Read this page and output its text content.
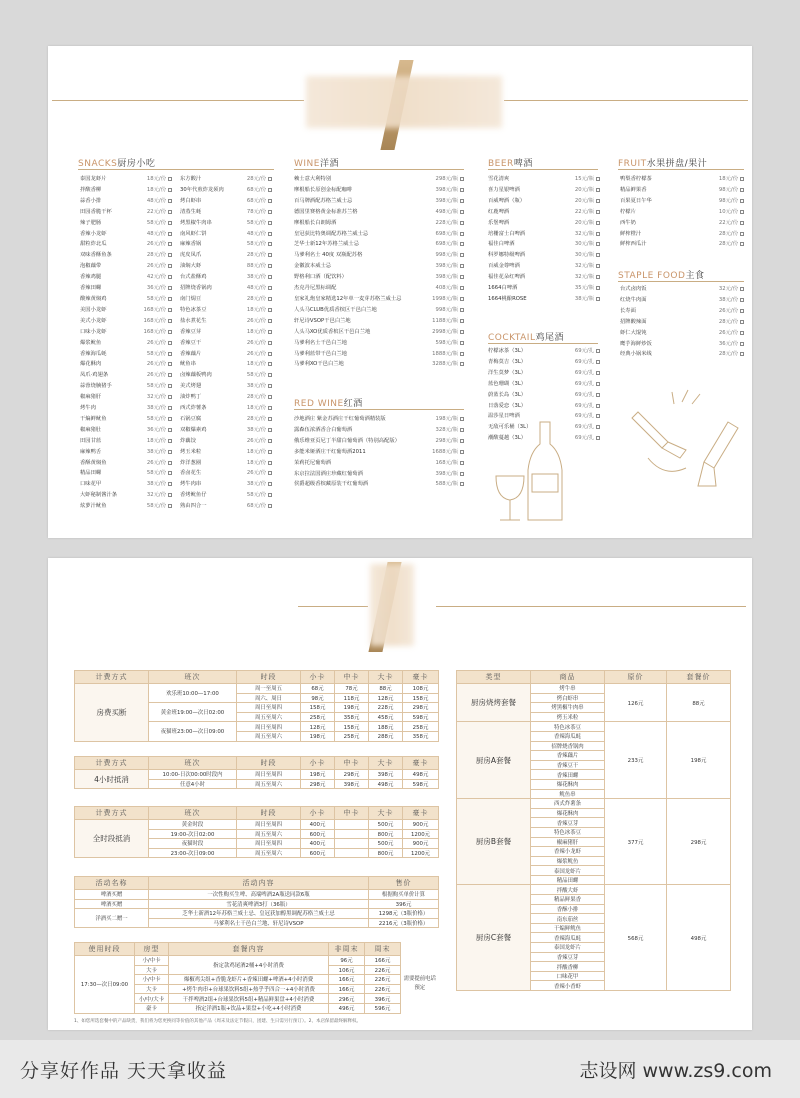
SNACKS厨房小吃
泰国龙虾片	18元/份
拌酸香柳	18元/份
蒜香小排	48元/份
田园香脆干杯	22元/份
辣子肥肠	58元/份
香辣小龙虾	48元/份
甜粒炸北瓜	26元/份
双味香酥鱼条	28元/份
泡椒藕带	26元/份
香辣鸡腿	42元/份
香辣田螺	36元/份
酸辣黄焖鸡	58元/份
美国小龙虾	168元/份
美式小龙虾	168元/份
口味小龙虾	168元/份
爆浆鱿鱼	26元/份
香辣海瓜蚝	58元/份
爆花酥肉	26元/份
凤爪·鸡翅条	26元/份
蒜蓉烧腩猪手	58元/份
椒麻猪肝	32元/份
烤牛肉	38元/份
干煸鲜鱿鱼	58元/份
椒麻猪肚	36元/份
田园甘蓝	18元/份
麻辣鸭舌	38元/份
香酥黄焖鱼	26元/份
精品田螺	58元/份
口味花甲	38元/份
大虾秘制酱汁条	32元/份
炫萝汁鱿鱼	58元/份
东方酸汁	28元/份
30年代煎炸龙须肉	68元/份
烤白虾串	68元/份
清蒸生蚝	78元/份
烤黑椒牛肉串	58元/份
南风虾仁饼	48元/份
麻辣香锅	58元/份
虎皮凤爪	28元/份
油焖大虾	88元/份
台式盐酥鸡	38元/份
招牌烧香锅肉	48元/份
南门焗豆	28元/份
特色冰茶豆	18元/份
盐水煮花生	26元/份
香辣豆芽	18元/份
香辣豆干	26元/份
香辣藕片	26元/份
鱿鱼串	18元/份
卤辣藕板鸭肉	58元/份
美式烤翅	38元/份
油炸鸭丁	28元/份
西式炸薯条	18元/份
石锅豆腐	28元/份
双椒爆素鸡	38元/份
炸藕饺	26元/份
烤玉米粒	18元/份
炸洋葱圈	18元/份
香卤花生	26元/份
烤牛肉串	38元/份
香烤鱿鱼仔	58元/份
熟由四合一	68元/份
WINE洋酒
赖士意大利特别	298元/瓶
摩根船长原创金标配咖啡	398元/瓶
百马牌酒配苏格兰威士忌	398元/瓶
德国里赛格黄金标准苏兰格	498元/瓶
摩根船长白朗姆酒	228元/瓶
皇冠获比特奥调配苏格兰威士忌	698元/瓶
芝华士新12年苏格兰威士忌	698元/瓶
马爹利名士 40度 双瓶配苏格	998元/瓶
金徽波本威士忌	398元/瓶
野格利口酒（配饮料）	398元/瓶
杰克丹尼黑标调配	408元/瓶
皇家礼炮皇家精选12年单一麦芽苏格兰威士忌	1998元/瓶
人头马CLUB优质香槟区干邑白兰地	998元/瓶
轩尼诗VSOP干邑白兰地	1188元/瓶
人头马XO优质香槟区干邑白兰地	2998元/瓶
马爹利名士干邑白兰地	598元/瓶
马爹利蓝带干邑白兰地	1888元/瓶
马爹利XO干邑白兰地	3288元/瓶
RED WINE红酒
沙地酒庄 紫金苏酒庄干红葡萄酒精装版	198元/瓶
露森伍浓酒香合白葡萄酒	328元/瓶
俄乐维亚页尼丁半甜白葡萄酒（特别高配版）	298元/瓶
多能米娅酒庄干红葡萄酒2011	1688元/瓶
茉莉托尼葡萄酒	168元/瓶
东京拉法国酒庄珍藏红葡萄酒	398元/瓶
侯爵超级香槟藏原装干红葡萄酒	588元/瓶
BEER啤酒
雪花清爽	15元/瓶
喜力星银啤酒	20元/瓶
百威啤酒（瓶）	20元/瓶
红鹿啤酒	22元/瓶
乐堡啤酒	20元/瓶
培栅富士白啤酒	32元/瓶
福佳白啤酒	30元/瓶
科罗娜特级啤酒	30元/瓶
百威金尊啤酒	32元/瓶
福佳花朵红啤酒	32元/瓶
1664白啤酒	35元/瓶
1664桃酿ROSE	38元/瓶
COCKTAIL鸡尾酒
柠檬冰茶（3L）	69元/扎
青梅莫吉（3L）	69元/扎
洋生莫梦（3L）	69元/扎
蓝色珊瑚（3L）	69元/扎
蔚蓝长岛（3L）	69元/扎
日落爱恋（3L）	69元/扎
温莎星日啤酒	69元/扎
无敌可乐桶（3L）	69元/扎
潮酸蔓越（3L）	69元/扎
FRUIT水果拼盘/果汁
鸭梨香柠檬茶	18元/份
精品鲜果香	98元/份
百果夏日午华	98元/份
柠檬片	10元/份
西牛奶	22元/份
鲜榨橙汁	28元/份
鲜榨西瓜汁	28元/份
STAPLE FOOD主食
台式卤肉饭	32元/份
红烧牛肉面	38元/份
长寿面	26元/份
招牌酸辣面	28元/份
虾仁大馄饨	26元/份
鹰芋海鲜炒饭	36元/份
经典小锅米线	28元/份
计费方式	班次	时段	小卡	中卡	大卡	豪卡
房费买断	欢乐班10:00—17:00	周一至周五	68元	78元	88元	108元
		周六、周日	98元	118元	128元	158元
	黄金班19:00—次日02:00	周日至周四	158元	198元	228元	298元
		周五至周六	258元	358元	458元	598元
	夜猫班23:00—次日09:00	周日至周四	128元	158元	188元	258元
		周五至周六	198元	258元	288元	358元
计费方式	班次	时段	小卡	中卡	大卡	豪卡
4小时抵消	10:00-日次00:00时段内	周日至周四	198元	298元	398元	498元
	任意4小时	周五至周六	298元	398元	498元	598元
计费方式	班次	时段	小卡	中卡	大卡	豪卡
全时段抵消	黄金时段	周日至周四	400元		500元	900元
	19:00-次日02:00	周五至周六	600元		800元	1200元
	夜猫时段	周日至周四	400元		500元	900元
	23:00-次日09:00	周五至周六	600元		800元	1200元
活动名称	活动内容	售价
啤酒买赠	一次性购买生啤、高端啤酒2A瓶送同款6瓶	根据购买单价计算
啤酒买赠	雪花清爽啤酒3打（36瓶）	396元
洋酒买二赠一	芝华士新酒12年苏格兰威士忌、皇冠获加醇黑调配苏格兰威士忌	1298元（3瓶价格）
	马爹利名士干邑白兰地、轩尼诗VSOP	2216元（3瓶价格）
使用时段	房型	套餐内容	非周末	周末	
17:30—次日09:00	小/中卡	指定款鸡尾酒2桶+4小时消费	96元	166元	需要提前电话预定
	大卡		106元	226元	
	小/中卡	爆椒鸡尖组+香脆龙虾片+香辣田螺+啤酒+4小时消费	166元	226元	
	大卡	+烤牛肉串+台球果饮料5组+热乎乎四合一+4小时消费	166元	226元	
	小/中/大卡	干拌啤酒2组+台球果饮料5组+精品鲜果盘+4小时消费	296元	396元	
	豪卡	指定洋酒1瓶+饮品+果盘+小吃+4小时消费	496元	596元	
1、如您所选套餐中的产品缺货，我们将为您更换同等价值的其他产品（周末及法定节假日，团建、生日需另行预订）。2、本店保留最终解释权。
类型	商品	原价	套餐价
厨房烧烤套餐	烤牛串	126元	88元
	烤白虾串		
	烤黑椒牛肉串		
	烤玉米粒		
厨房A套餐	特色冰茶豆	233元	198元
	香辣海瓜蚝		
	招牌烧香锅肉		
	香辣藕片		
	香辣豆干		
	香辣田螺		
	爆花酥肉		
	鱿鱼串		
厨房B套餐	西式炸薯条	377元	298元
	爆花酥肉		
	香辣豆芽		
	特色冰茶豆		
	椒麻猪肝		
	香辣小龙虾		
	爆浆鱿鱼		
	泰国龙虾片		
	精品田螺		
厨房C套餐	拌酸大虾	568元	498元
	精品鲜果香		
	香酥小排		
	南东茄丝		
	干煸鲜鱿鱼		
	香辣海瓜蚝		
	泰国龙虾片		
	香辣豆芽		
	拌酸香柳		
	口味花甲		
	香辣小香虾		
分享好作品 天天拿收益	志设网 www.zs9.com
